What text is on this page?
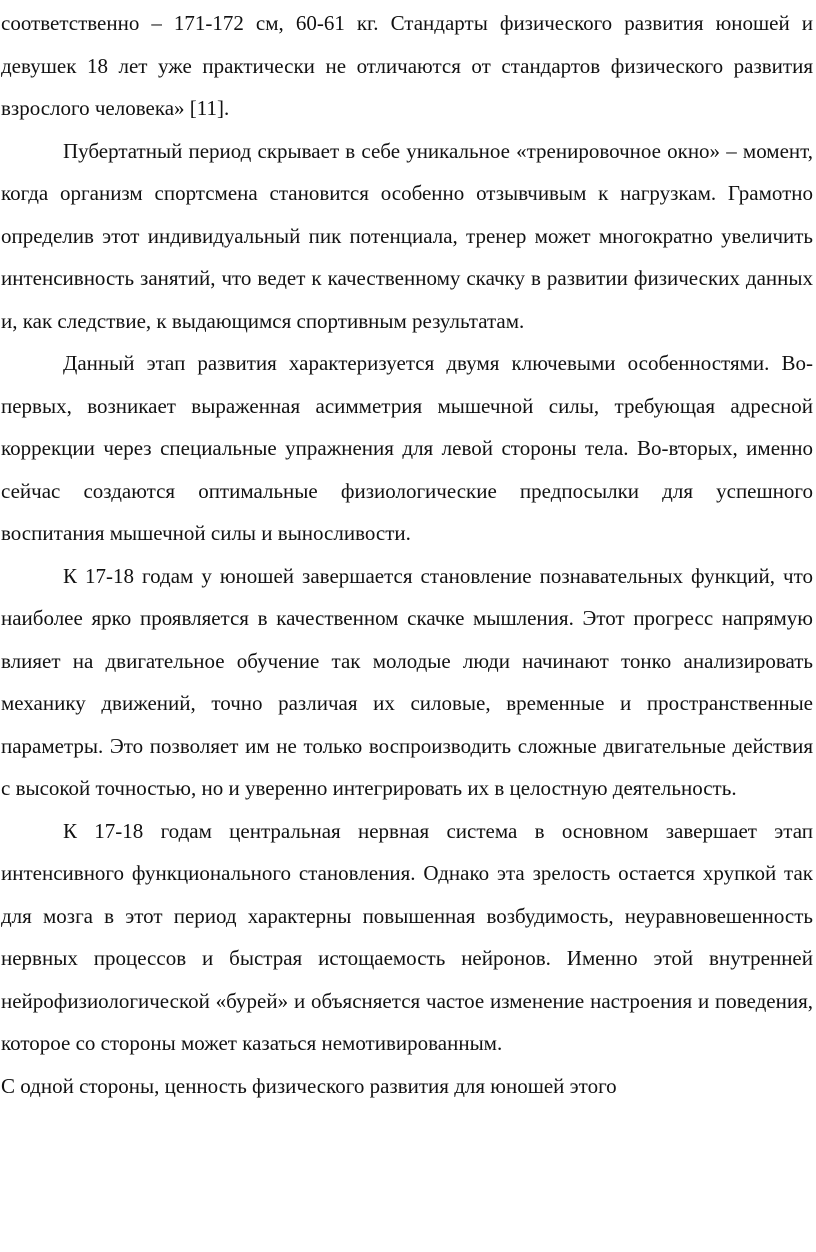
соответственно – 171-172 см, 60-61 кг. Стандарты физического развития юношей и девушек 18 лет уже практически не отличаются от стандартов физического развития взрослого человека» [11].

Пубертатный период скрывает в себе уникальное «тренировочное окно» – момент, когда организм спортсмена становится особенно отзывчивым к нагрузкам. Грамотно определив этот индивидуальный пик потенциала, тренер может многократно увеличить интенсивность занятий, что ведет к качественному скачку в развитии физических данных и, как следствие, к выдающимся спортивным результатам.

Данный этап развития характеризуется двумя ключевыми особенностями. Во-первых, возникает выраженная асимметрия мышечной силы, требующая адресной коррекции через специальные упражнения для левой стороны тела. Во-вторых, именно сейчас создаются оптимальные физиологические предпосылки для успешного воспитания мышечной силы и выносливости.

К 17-18 годам у юношей завершается становление познавательных функций, что наиболее ярко проявляется в качественном скачке мышления. Этот прогресс напрямую влияет на двигательное обучение так молодые люди начинают тонко анализировать механику движений, точно различая их силовые, временные и пространственные параметры. Это позволяет им не только воспроизводить сложные двигательные действия с высокой точностью, но и уверенно интегрировать их в целостную деятельность.

К 17-18 годам центральная нервная система в основном завершает этап интенсивного функционального становления. Однако эта зрелость остается хрупкой так для мозга в этот период характерны повышенная возбудимость, неуравновешенность нервных процессов и быстрая истощаемость нейронов. Именно этой внутренней нейрофизиологической «бурей» и объясняется частое изменение настроения и поведения, которое со стороны может казаться немотивированным.

С одной стороны, ценность физического развития для юношей этого
